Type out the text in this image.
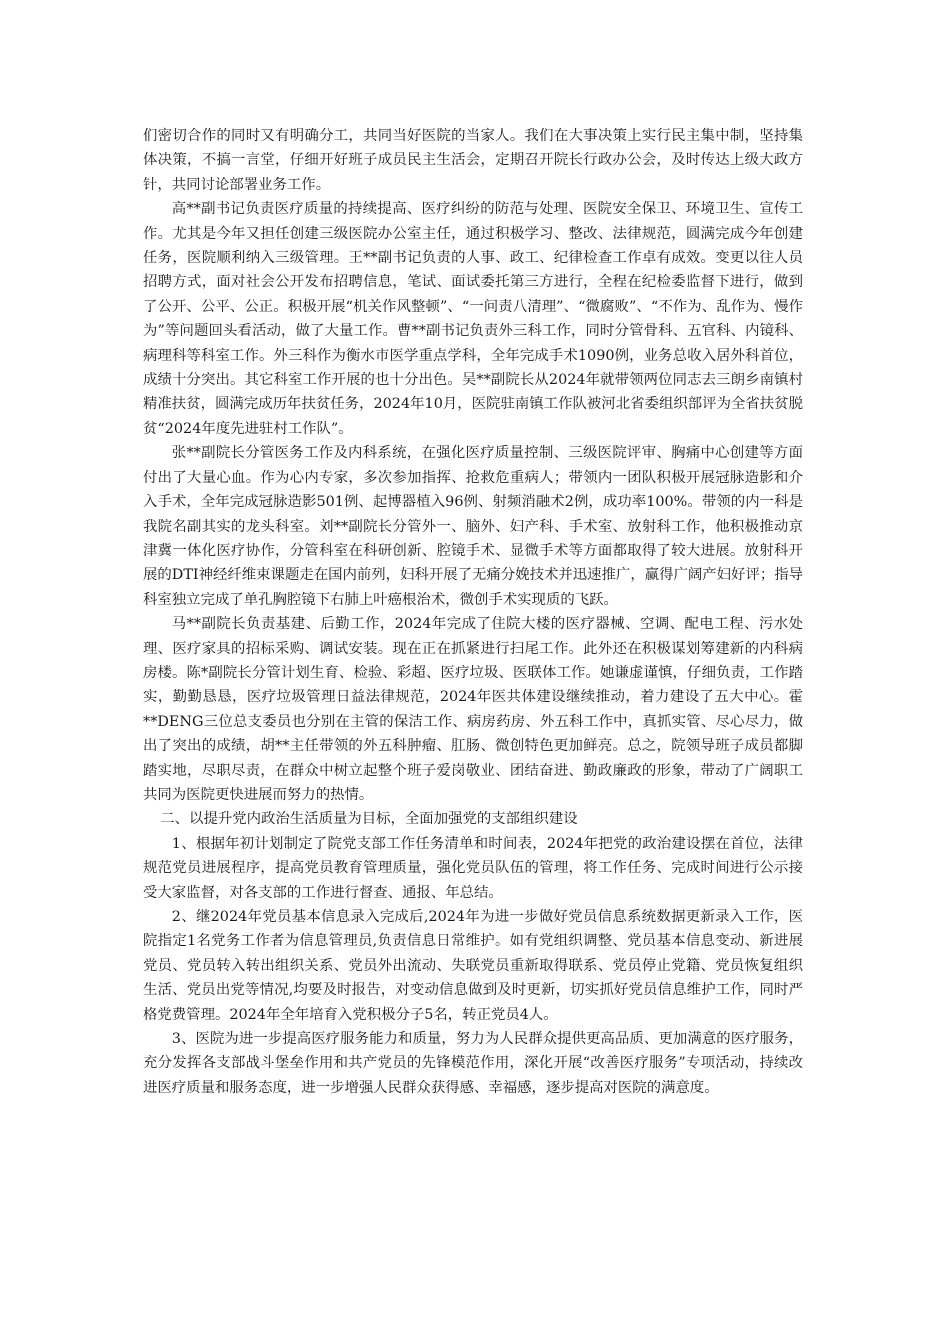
们密切合作的同时又有明确分工，共同当好医院的当家人。我们在大事决策上实行民主集中制，坚持集体决策，不搞一言堂，仔细开好班子成员民主生活会，定期召开院长行政办公会，及时传达上级大政方针，共同讨论部署业务工作。

高**副书记负责医疗质量的持续提高、医疗纠纷的防范与处理、医院安全保卫、环境卫生、宣传工作。尤其是今年又担任创建三级医院办公室主任，通过积极学习、整改、法律规范，圆满完成今年创建任务，医院顺利纳入三级管理。王**副书记负责的人事、政工、纪律检查工作卓有成效。变更以往人员招聘方式，面对社会公开发布招聘信息，笔试、面试委托第三方进行，全程在纪检委监督下进行，做到了公开、公平、公正。积极开展“机关作风整顿”、“一问责八清理”、“微腐败”、“不作为、乱作为、慢作为”等问题回头看活动，做了大量工作。曹**副书记负责外三科工作，同时分管骨科、五官科、内镜科、病理科等科室工作。外三科作为衡水市医学重点学科，全年完成手术1090例，业务总收入居外科首位，成绩十分突出。其它科室工作开展的也十分出色。吴**副院长从2024年就带领两位同志去三朗乡南镇村精准扶贫，圆满完成历年扶贫任务，2024年10月，医院驻南镇工作队被河北省委组织部评为全省扶贫脱贫“2024年度先进驻村工作队”。

张**副院长分管医务工作及内科系统，在强化医疗质量控制、三级医院评审、胸痛中心创建等方面付出了大量心血。作为心内专家，多次参加指挥、抢救危重病人；带领内一团队积极开展冠脉造影和介入手术，全年完成冠脉造影501例、起博器植入96例、射频消融术2例，成功率100%。带领的内一科是我院名副其实的龙头科室。刘**副院长分管外一、脑外、妇产科、手术室、放射科工作，他积极推动京津冀一体化医疗协作，分管科室在科研创新、腔镜手术、显微手术等方面都取得了较大进展。放射科开展的DTI神经纤维束课题走在国内前列，妇科开展了无痛分娩技术并迅速推广，赢得广阔产妇好评；指导科室独立完成了单孔胸腔镜下右肺上叶癌根治术，微创手术实现质的飞跃。

马**副院长负责基建、后勤工作，2024年完成了住院大楼的医疗器械、空调、配电工程、污水处理、医疗家具的招标采购、调试安装。现在正在抓紧进行扫尾工作。此外还在积极谋划筹建新的内科病房楼。陈*副院长分管计划生育、检验、彩超、医疗垃圾、医联体工作。她谦虚谨慎，仔细负责，工作踏实，勤勤恳恳，医疗垃圾管理日益法律规范，2024年医共体建设继续推动，着力建设了五大中心。霍**DENG三位总支委员也分别在主管的保洁工作、病房药房、外五科工作中，真抓实管、尽心尽力，做出了突出的成绩，胡**主任带领的外五科肿瘤、肛肠、微创特色更加鲜亮。总之，院领导班子成员都脚踏实地，尽职尽责，在群众中树立起整个班子爱岗敬业、团结奋进、勤政廉政的形象，带动了广阔职工共同为医院更快进展而努力的热情。

二、以提升党内政治生活质量为目标，全面加强党的支部组织建设

1、根据年初计划制定了院党支部工作任务清单和时间表，2024年把党的政治建设摆在首位，法律规范党员进展程序，提高党员教育管理质量，强化党员队伍的管理，将工作任务、完成时间进行公示接受大家监督，对各支部的工作进行督查、通报、年总结。

2、继2024年党员基本信息录入完成后,2024年为进一步做好党员信息系统数据更新录入工作，医院指定1名党务工作者为信息管理员,负责信息日常维护。如有党组织调整、党员基本信息变动、新进展党员、党员转入转出组织关系、党员外出流动、失联党员重新取得联系、党员停止党籍、党员恢复组织生活、党员出党等情况,均要及时报告，对变动信息做到及时更新，切实抓好党员信息维护工作，同时严格党费管理。2024年全年培育入党积极分子5名，转正党员4人。

3、医院为进一步提高医疗服务能力和质量，努力为人民群众提供更高品质、更加满意的医疗服务，充分发挥各支部战斗堡垒作用和共产党员的先锋模范作用，深化开展“改善医疗服务”专项活动，持续改进医疗质量和服务态度，进一步增强人民群众获得感、幸福感，逐步提高对医院的满意度。
